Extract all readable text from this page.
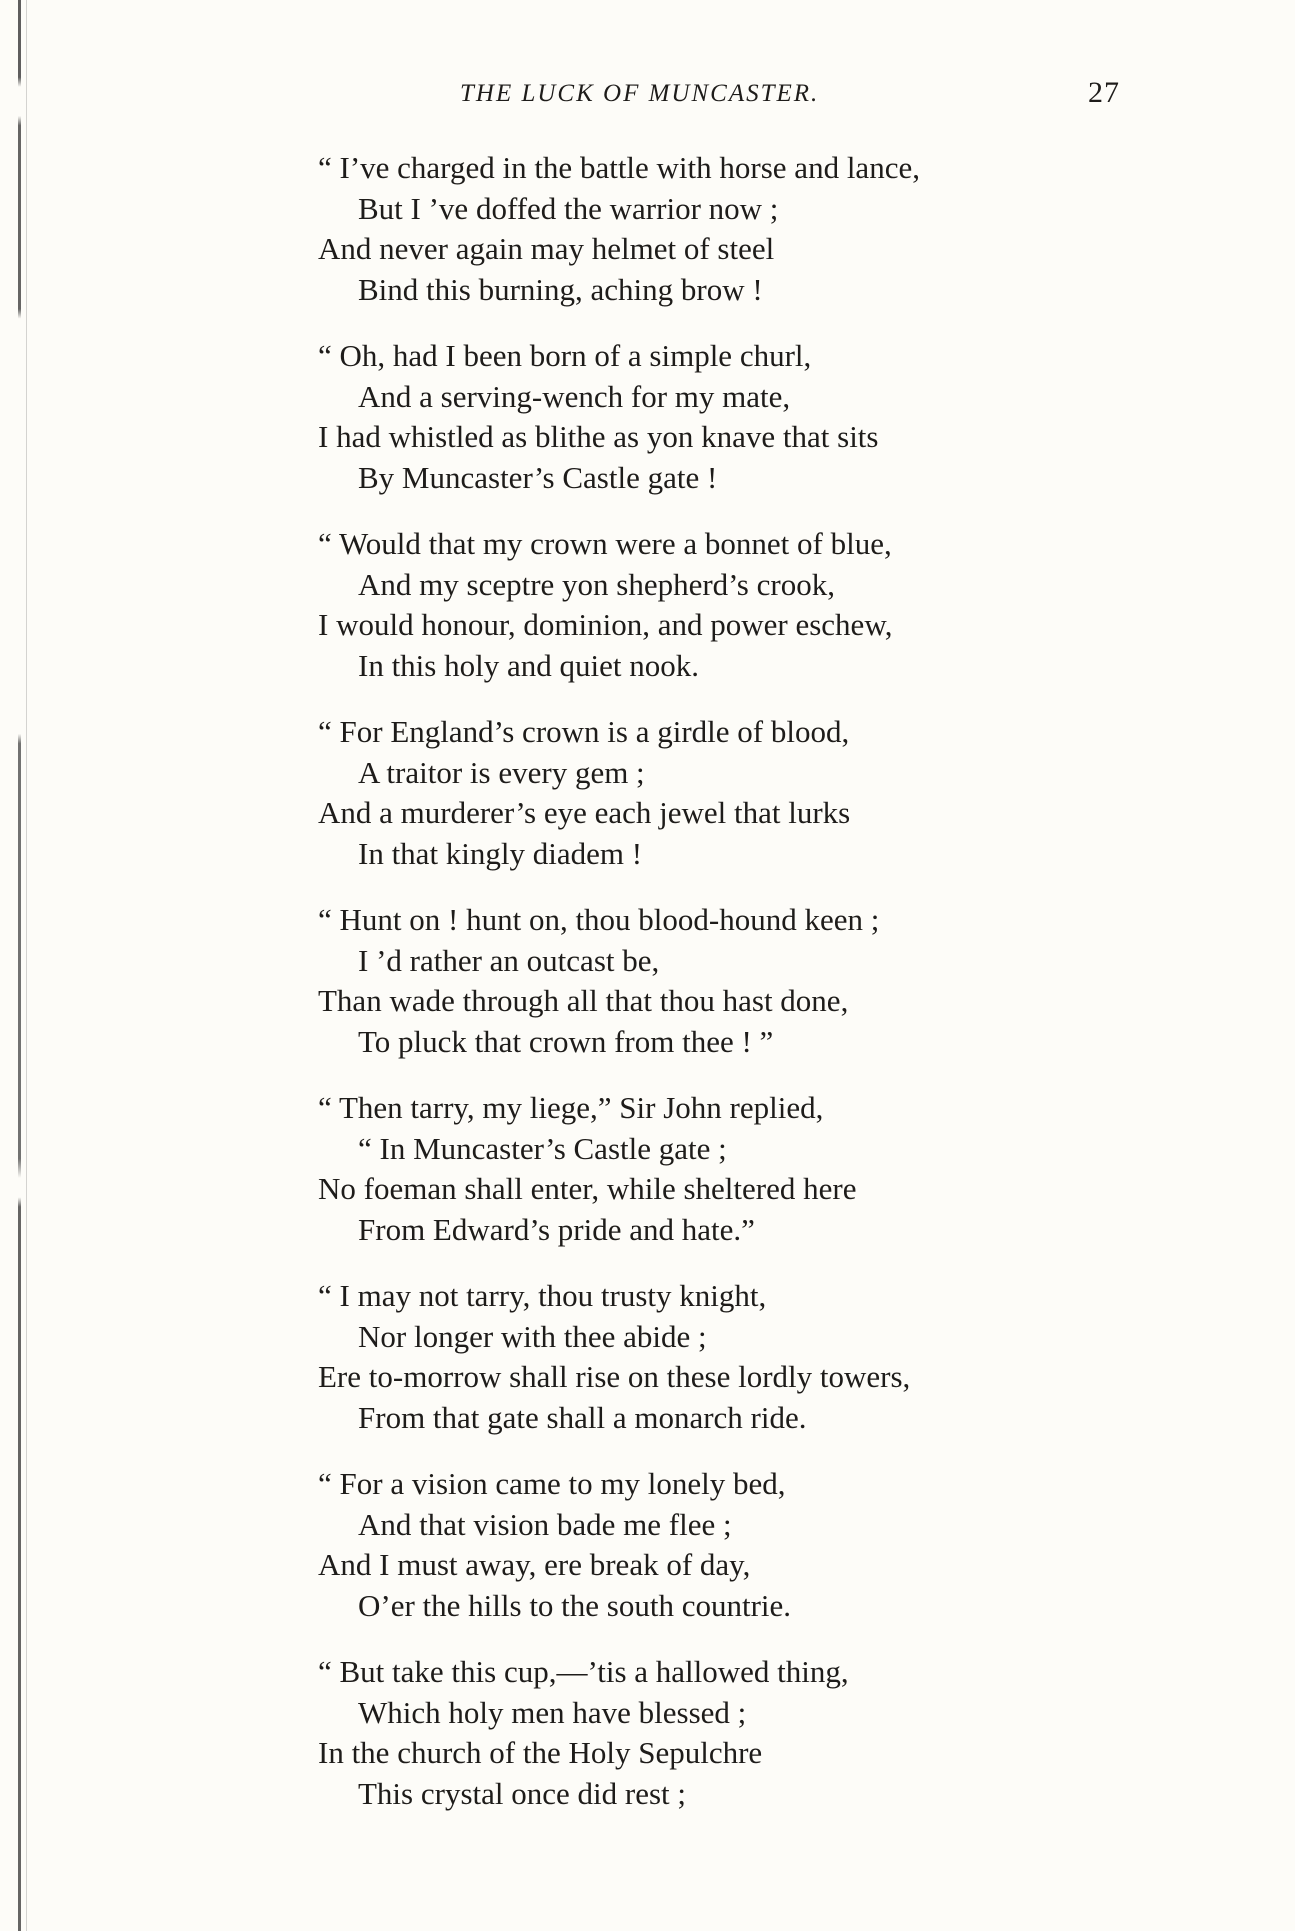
THE LUCK OF MUNCASTER.	27
“ I’ve charged in the battle with horse and lance,
But I ’ve doffed the warrior now ;
And never again may helmet of steel
Bind this burning, aching brow !
“ Oh, had I been born of a simple churl,
And a serving-wench for my mate,
I had whistled as blithe as yon knave that sits
By Muncaster’s Castle gate !
“ Would that my crown were a bonnet of blue,
And my sceptre yon shepherd’s crook,
I would honour, dominion, and power eschew,
In this holy and quiet nook.
“ For England’s crown is a girdle of blood,
A traitor is every gem ;
And a murderer’s eye each jewel that lurks
In that kingly diadem !
“ Hunt on ! hunt on, thou blood-hound keen ;
I ’d rather an outcast be,
Than wade through all that thou hast done,
To pluck that crown from thee ! ”
“ Then tarry, my liege,” Sir John replied,
“ In Muncaster’s Castle gate ;
No foeman shall enter, while sheltered here
From Edward’s pride and hate.”
“ I may not tarry, thou trusty knight,
Nor longer with thee abide ;
Ere to-morrow shall rise on these lordly towers,
From that gate shall a monarch ride.
“ For a vision came to my lonely bed,
And that vision bade me flee ;
And I must away, ere break of day,
O’er the hills to the south countrie.
“ But take this cup,—’tis a hallowed thing,
Which holy men have blessed ;
In the church of the Holy Sepulchre
This crystal once did rest ;
